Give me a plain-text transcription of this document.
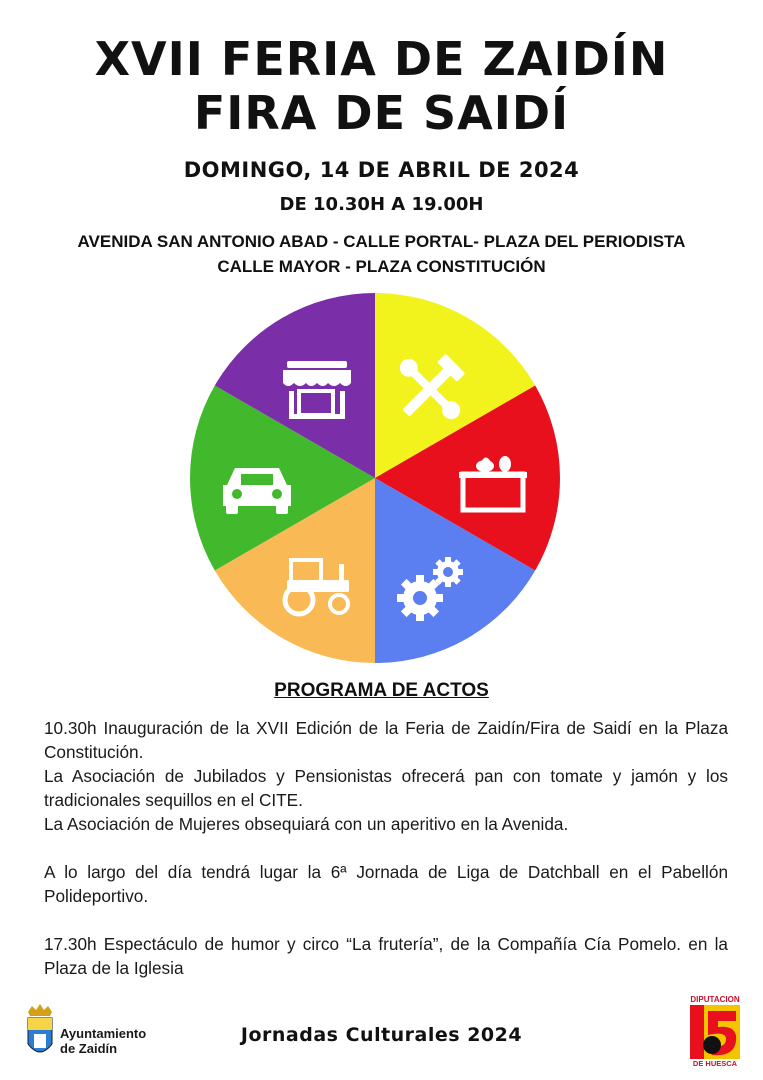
XVII FERIA DE ZAIDÍN
FIRA DE SAIDÍ
DOMINGO, 14 DE ABRIL DE 2024
DE 10.30H A 19.00H
AVENIDA SAN ANTONIO ABAD - CALLE PORTAL- PLAZA DEL PERIODISTA
CALLE MAYOR - PLAZA CONSTITUCIÓN
PROGRAMA DE ACTOS

10.30h Inauguración de la XVII Edición de la Feria de Zaidín/Fira de Saidí en la Plaza Constitución.

La Asociación de Jubilados y Pensionistas ofrecerá pan con tomate y jamón y los tradicionales sequillos en el CITE.

La Asociación de Mujeres obsequiará con un aperitivo en la Avenida.

A lo largo del día tendrá lugar la 6ª Jornada de Liga de Datchball en el Pabellón Polideportivo.

17.30h Espectáculo de humor y circo “La frutería”, de la Compañía Cía Pomelo. en la Plaza de la Iglesia

Ayuntamiento
de Zaidín
Jornadas Culturales 2024
DIPUTACION
DE HUESCA
